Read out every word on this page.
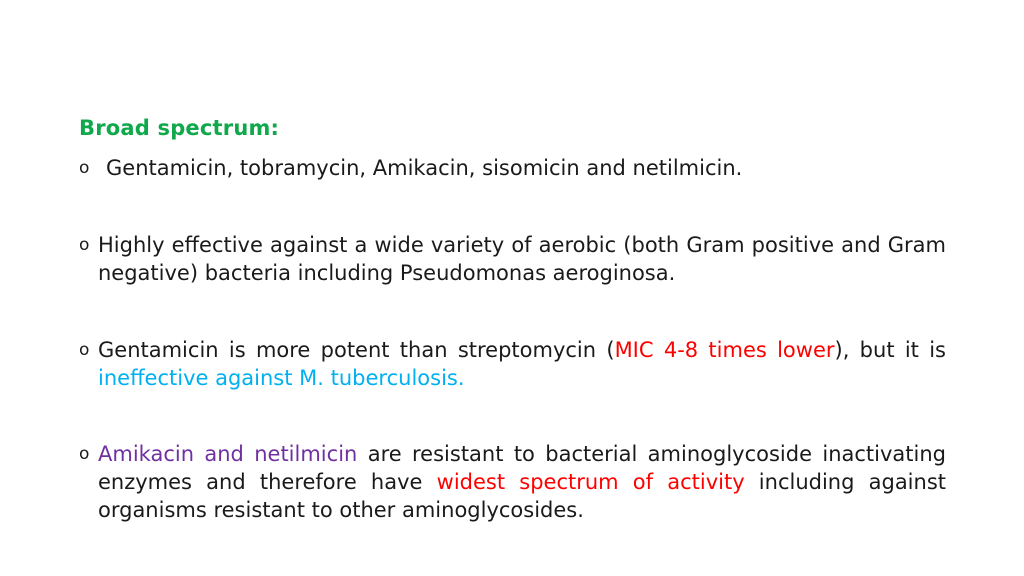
Broad spectrum:
o Gentamicin, tobramycin, Amikacin, sisomicin and netilmicin.
o Highly effective against a wide variety of aerobic (both Gram positive and Gram negative) bacteria including Pseudomonas aeroginosa.
o Gentamicin is more potent than streptomycin (MIC 4-8 times lower), but it is ineffective against M. tuberculosis.
o Amikacin and netilmicin are resistant to bacterial aminoglycoside inactivating enzymes and therefore have widest spectrum of activity including against organisms resistant to other aminoglycosides.
